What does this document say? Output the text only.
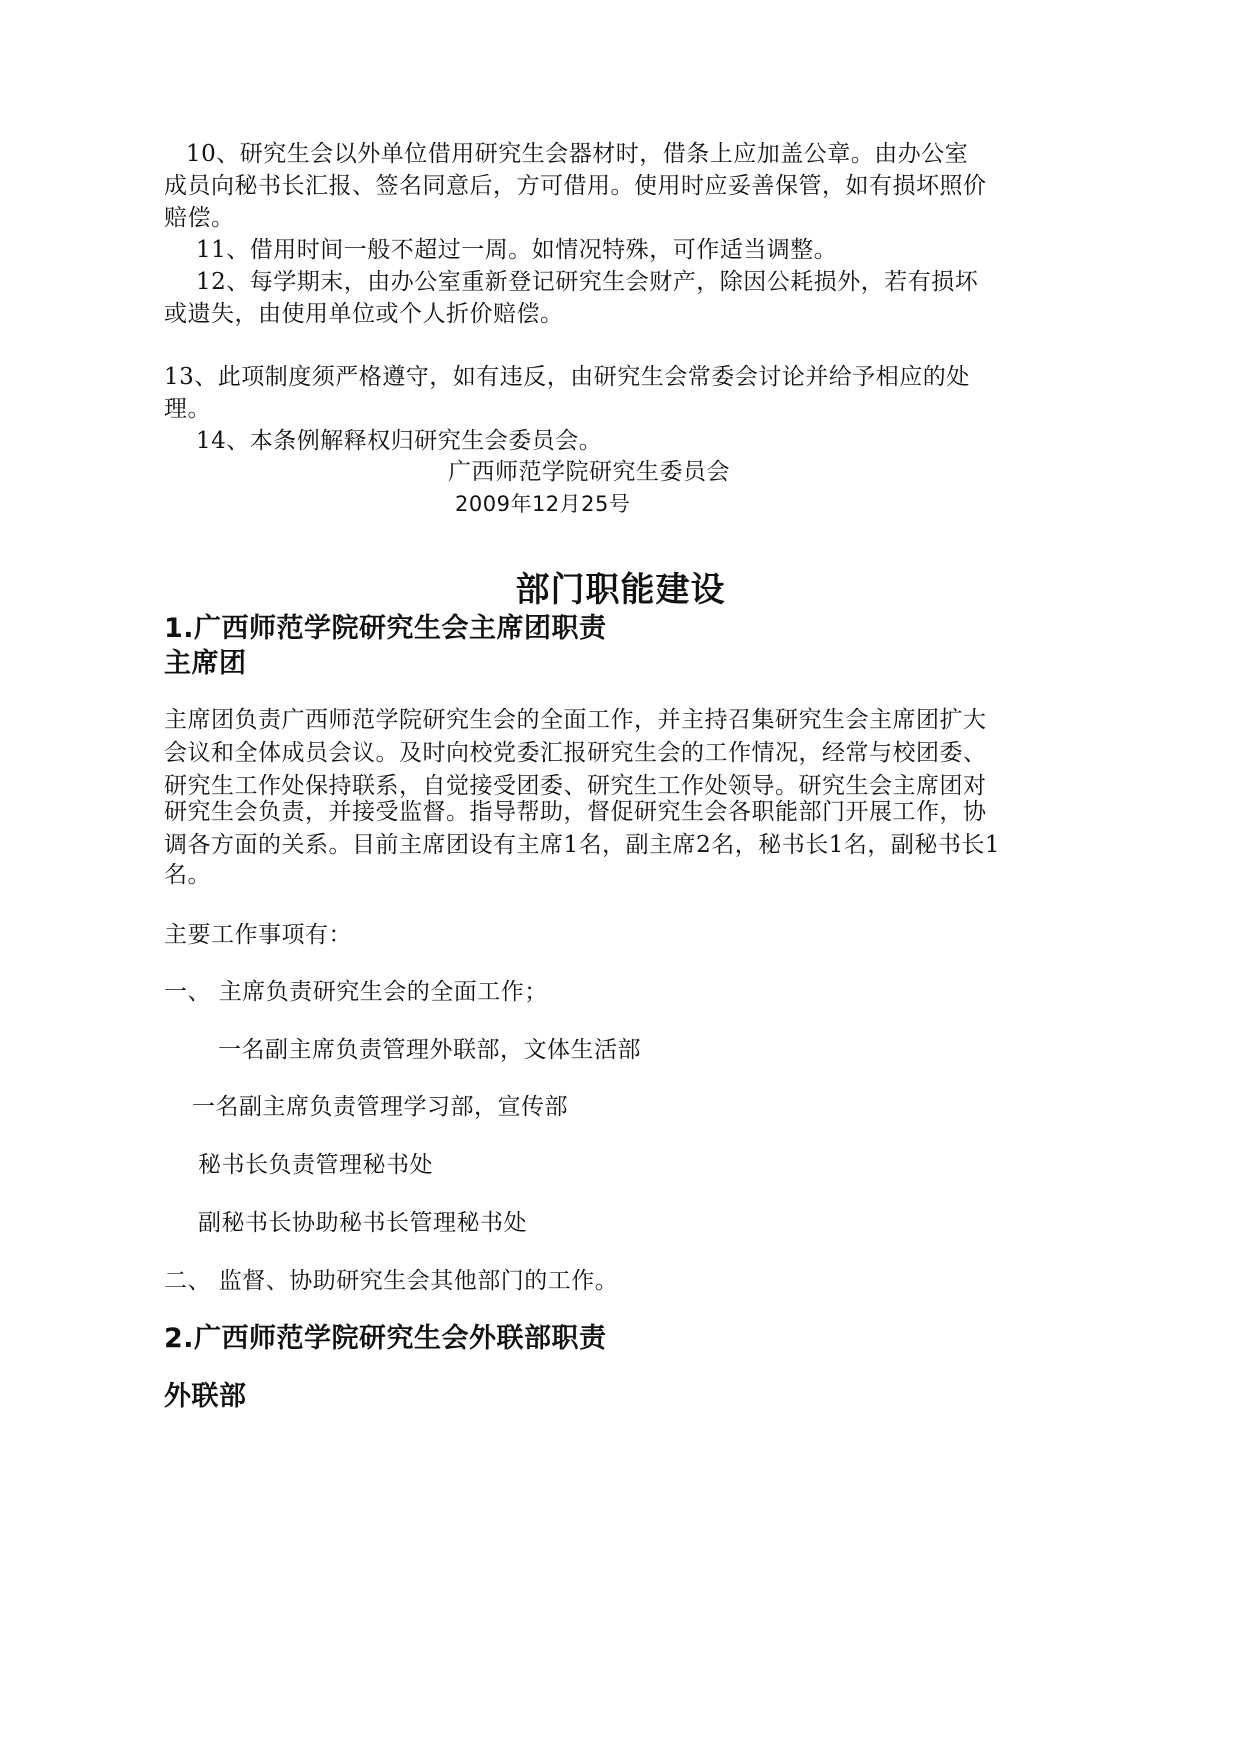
10、研究生会以外单位借用研究生会器材时，借条上应加盖公章。由办公室
成员向秘书长汇报、签名同意后，方可借用。使用时应妥善保管，如有损坏照价
赔偿。
11、借用时间一般不超过一周。如情况特殊，可作适当调整。
12、每学期末，由办公室重新登记研究生会财产，除因公耗损外，若有损坏
或遗失，由使用单位或个人折价赔偿。
13、此项制度须严格遵守，如有违反，由研究生会常委会讨论并给予相应的处
理。
14、本条例解释权归研究生会委员会。
广西师范学院研究生委员会
2009年12月25号
部门职能建设
1.广西师范学院研究生会主席团职责
主席团
主席团负责广西师范学院研究生会的全面工作，并主持召集研究生会主席团扩大
会议和全体成员会议。及时向校党委汇报研究生会的工作情况，经常与校团委、
研究生工作处保持联系，自觉接受团委、研究生工作处领导。研究生会主席团对
研究生会负责，并接受监督。指导帮助，督促研究生会各职能部门开展工作，协
调各方面的关系。目前主席团设有主席1名，副主席2名，秘书长1名，副秘书长1
名。
主要工作事项有：
一、 主席负责研究生会的全面工作；
一名副主席负责管理外联部，文体生活部
一名副主席负责管理学习部，宣传部
秘书长负责管理秘书处
副秘书长协助秘书长管理秘书处
二、 监督、协助研究生会其他部门的工作。
2.广西师范学院研究生会外联部职责
外联部
